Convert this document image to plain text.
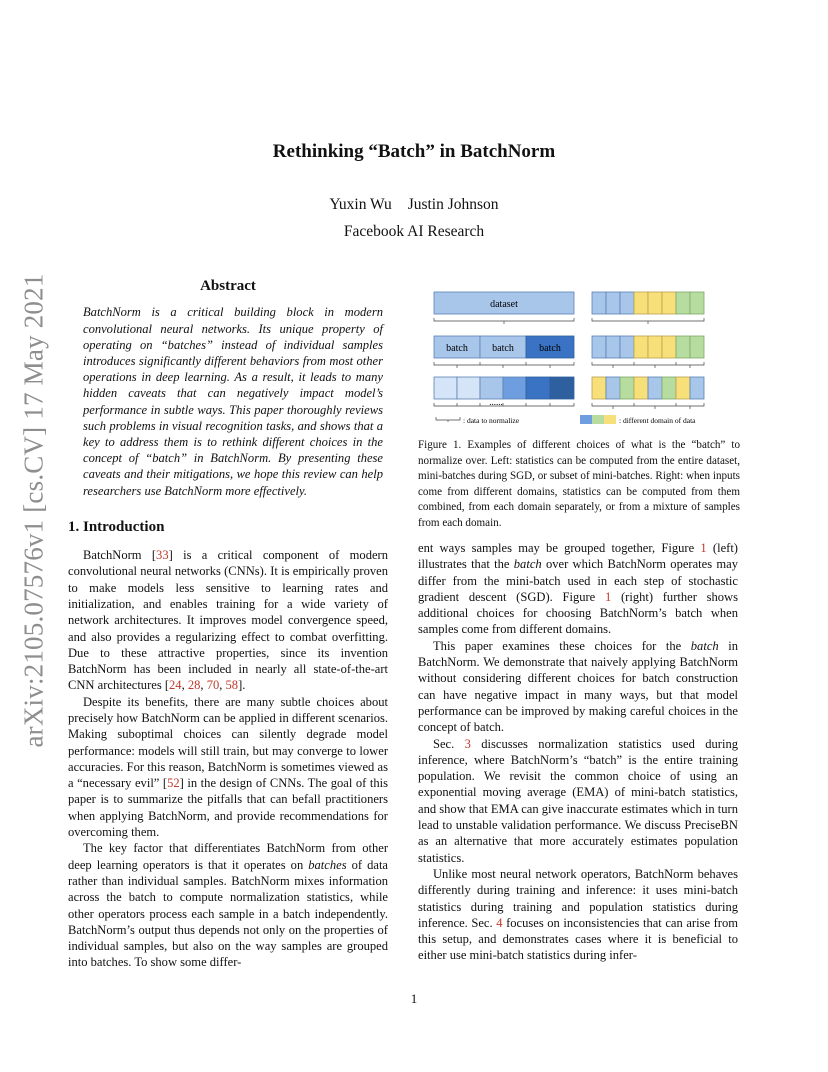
arXiv:2105.07576v1 [cs.CV] 17 May 2021
Rethinking “Batch” in BatchNorm
Yuxin Wu Justin Johnson
Facebook AI Research
Abstract

BatchNorm is a critical building block in modern convolutional neural networks. Its unique property of operating on “batches” instead of individual samples introduces significantly different behaviors from most other operations in deep learning. As a result, it leads to many hidden caveats that can negatively impact model’s performance in subtle ways. This paper thoroughly reviews such problems in visual recognition tasks, and shows that a key to address them is to rethink different choices in the concept of “batch” in BatchNorm. By presenting these caveats and their mitigations, we hope this review can help researchers use BatchNorm more effectively.

1. Introduction

BatchNorm [33] is a critical component of modern convolutional neural networks (CNNs). It is empirically proven to make models less sensitive to learning rates and initialization, and enables training for a wide variety of network architectures. It improves model convergence speed, and also provides a regularizing effect to combat overfitting. Due to these attractive properties, since its invention BatchNorm has been included in nearly all state-of-the-art CNN architectures [24, 28, 70, 58].

Despite its benefits, there are many subtle choices about precisely how BatchNorm can be applied in different scenarios. Making suboptimal choices can silently degrade model performance: models will still train, but may converge to lower accuracies. For this reason, BatchNorm is sometimes viewed as a “necessary evil” [52] in the design of CNNs. The goal of this paper is to summarize the pitfalls that can befall practitioners when applying BatchNorm, and provide recommendations for overcoming them.

The key factor that differentiates BatchNorm from other deep learning operators is that it operates on batches of data rather than individual samples. BatchNorm mixes information across the batch to compute normalization statistics, while other operators process each sample in a batch independently. BatchNorm’s output thus depends not only on the properties of individual samples, but also on the way samples are grouped into batches. To show some differ-

dataset
batch batch	batch
......
: data to normalize	: different domain of data

Figure 1. Examples of different choices of what is the “batch” to normalize over. Left: statistics can be computed from the entire dataset, mini-batches during SGD, or subset of mini-batches. Right: when inputs come from different domains, statistics can be computed from them combined, from each domain separately, or from a mixture of samples from each domain.

ent ways samples may be grouped together, Figure 1 (left) illustrates that the batch over which BatchNorm operates may differ from the mini-batch used in each step of stochastic gradient descent (SGD). Figure 1 (right) further shows additional choices for choosing BatchNorm’s batch when samples come from different domains.

This paper examines these choices for the batch in BatchNorm. We demonstrate that naively applying BatchNorm without considering different choices for batch construction can have negative impact in many ways, but that model performance can be improved by making careful choices in the concept of batch.

Sec. 3 discusses normalization statistics used during inference, where BatchNorm’s “batch” is the entire training population. We revisit the common choice of using an exponential moving average (EMA) of mini-batch statistics, and show that EMA can give inaccurate estimates which in turn lead to unstable validation performance. We discuss PreciseBN as an alternative that more accurately estimates population statistics.

Unlike most neural network operators, BatchNorm behaves differently during training and inference: it uses mini-batch statistics during training and population statistics during inference. Sec. 4 focuses on inconsistencies that can arise from this setup, and demonstrates cases where it is beneficial to either use mini-batch statistics during infer-

1
